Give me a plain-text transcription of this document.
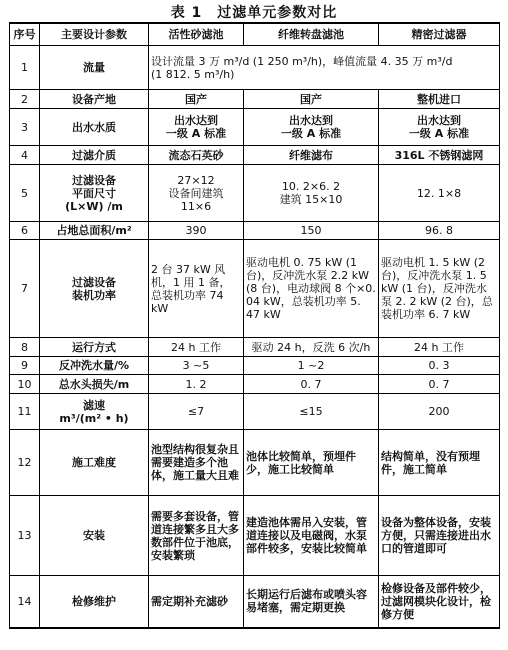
表 1　过滤单元参数对比
序号	主要设计参数	活性砂滤池	纤维转盘滤池	精密过滤器
1	流量	设计流量 3 万 m³/d (1 250 m³/h)，峰值流量 4. 35 万 m³/d
(1 812. 5 m³/h)		
2	设备产地	国产	国产	整机进口
3	出水水质	出水达到
一级 A 标准	出水达到
一级 A 标准	出水达到
一级 A 标准
4	过滤介质	流态石英砂	纤维滤布	316L 不锈钢滤网
5	过滤设备
平面尺寸
(L×W) /m	27×12
设备间建筑
11×6	10. 2×6. 2
建筑 15×10	12. 1×8
6	占地总面积/m²	390	150	96. 8
7	过滤设备
装机功率	2 台 37 kW 风机，1 用 1 备，总装机功率 74 kW	驱动电机 0. 75 kW (1 台)，反冲洗水泵 2.2 kW (8 台)，电动球阀 8 个×0. 04 kW，总装机功率 5. 47 kW	驱动电机 1. 5 kW (2 台)，反冲洗水泵 1. 5 kW (1 台)，反冲洗水泵 2. 2 kW (2 台)，总装机功率 6. 7 kW
8	运行方式	24 h 工作	驱动 24 h，反洗 6 次/h	24 h 工作
9	反冲洗水量/%	3 ~5	1 ~2	0. 3
10	总水头损失/m	1. 2	0. 7	0. 7
11	滤速
m³/(m² • h)	≤7	≤15	200
12	施工难度	池型结构很复杂且需要建造多个池体，施工量大且难	池体比较简单，预埋件少，施工比较简单	结构简单，没有预埋件，施工简单
13	安装	需要多套设备，管道连接繁多且大多数部件位于池底，安装繁琐	建造池体需吊入安装，管道连接以及电磁阀，水泵部件较多，安装比较简单	设备为整体设备，安装方便，只需连接进出水口的管道即可
14	检修维护	需定期补充滤砂	长期运行后滤布或喷头容易堵塞，需定期更换	检修设备及部件较少，过滤网模块化设计，检修方便
